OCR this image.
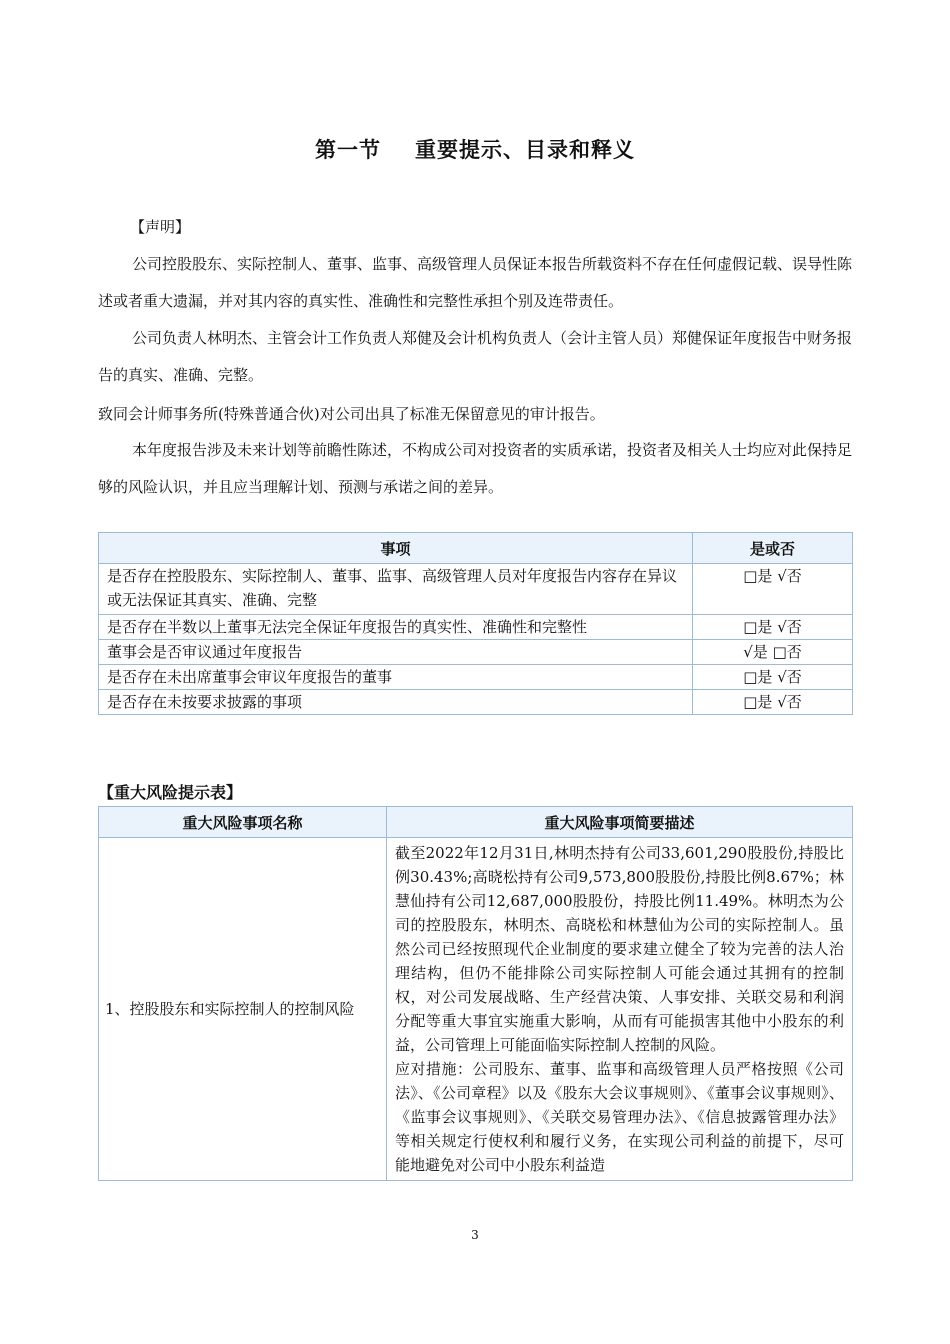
第一节 重要提示、目录和释义
【声明】

公司控股股东、实际控制人、董事、监事、高级管理人员保证本报告所载资料不存在任何虚假记载、误导性陈述或者重大遗漏，并对其内容的真实性、准确性和完整性承担个别及连带责任。

公司负责人林明杰、主管会计工作负责人郑健及会计机构负责人（会计主管人员）郑健保证年度报告中财务报告的真实、准确、完整。

致同会计师事务所(特殊普通合伙)对公司出具了标准无保留意见的审计报告。

本年度报告涉及未来计划等前瞻性陈述，不构成公司对投资者的实质承诺，投资者及相关人士均应对此保持足够的风险认识，并且应当理解计划、预测与承诺之间的差异。

事项	是或否
是否存在控股股东、实际控制人、董事、监事、高级管理人员对年度报告内容存在异议或无法保证其真实、准确、完整	□是 √否
是否存在半数以上董事无法完全保证年度报告的真实性、准确性和完整性	□是 √否
董事会是否审议通过年度报告	√是 □否
是否存在未出席董事会审议年度报告的董事	□是 √否
是否存在未按要求披露的事项	□是 √否
【重大风险提示表】
重大风险事项名称	重大风险事项简要描述
1、控股股东和实际控制人的控制风险	截至2022年12月31日,林明杰持有公司33,601,290股股份,持股比例30.43%;高晓松持有公司9,573,800股股份,持股比例8.67%；林慧仙持有公司12,687,000股股份，持股比例11.49%。林明杰为公司的控股股东，林明杰、高晓松和林慧仙为公司的实际控制人。虽然公司已经按照现代企业制度的要求建立健全了较为完善的法人治理结构，但仍不能排除公司实际控制人可能会通过其拥有的控制权，对公司发展战略、生产经营决策、人事安排、关联交易和利润分配等重大事宜实施重大影响，从而有可能损害其他中小股东的利益，公司管理上可能面临实际控制人控制的风险。
应对措施：公司股东、董事、监事和高级管理人员严格按照《公司法》、《公司章程》以及《股东大会议事规则》、《董事会议事规则》、《监事会议事规则》、《关联交易管理办法》、《信息披露管理办法》等相关规定行使权利和履行义务，在实现公司利益的前提下，尽可能地避免对公司中小股东利益造
3
